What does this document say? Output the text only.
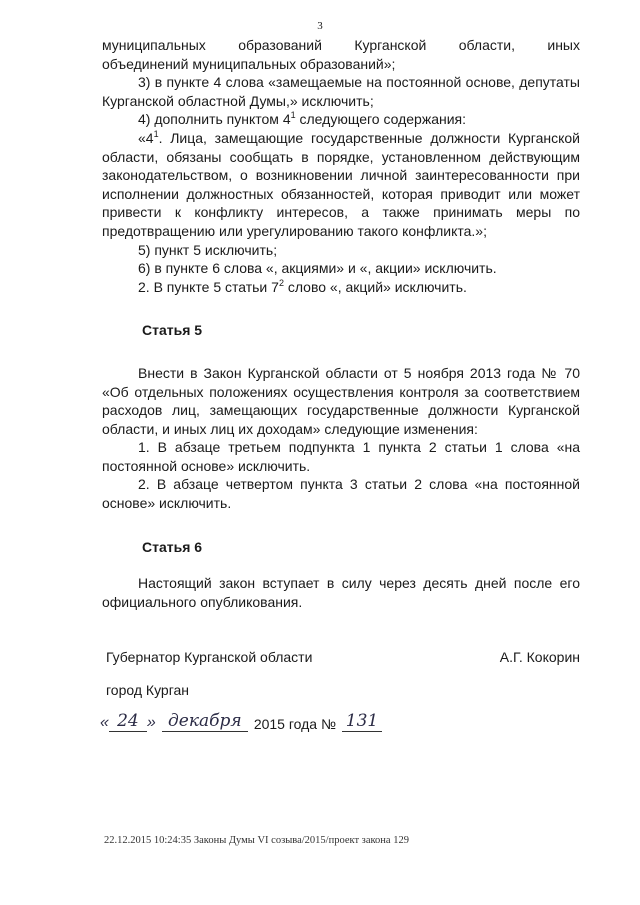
3

муниципальных образований Курганской области, иных

объединений муниципальных образований»;

3) в пункте 4 слова «замещаемые на постоянной основе, депутаты Курганской областной Думы,» исключить;

4) дополнить пунктом $4^1$ следующего содержания:

«$4^1$. Лица, замещающие государственные должности Курганской области, обязаны сообщать в порядке, установленном действующим законодательством, о возникновении личной заинтересованности при исполнении должностных обязанностей, которая приводит или может привести к конфликту интересов, а также принимать меры по предотвращению или урегулированию такого конфликта.»;

5) пункт 5 исключить;

6) в пункте 6 слова «, акциями» и «, акции» исключить.

2. В пункте 5 статьи $7^2$ слово «, акций» исключить.

Статья 5

Внести в Закон Курганской области от 5 ноября 2013 года № 70 «Об отдельных положениях осуществления контроля за соответствием расходов лиц, замещающих государственные должности Курганской области, и иных лиц их доходам» следующие изменения:

1. В абзаце третьем подпункта 1 пункта 2 статьи 1 слова «на постоянной основе» исключить.

2. В абзаце четвертом пункта 3 статьи 2 слова «на постоянной основе» исключить.

Статья 6

Настоящий закон вступает в силу через десять дней после его официального опубликования.

Губернатор Курганской области	А.Г. Кокорин
город Курган
« 24 » декабря 2015 года № 131
22.12.2015 10:24:35 Законы Думы VI созыва/2015/проект закона 129
